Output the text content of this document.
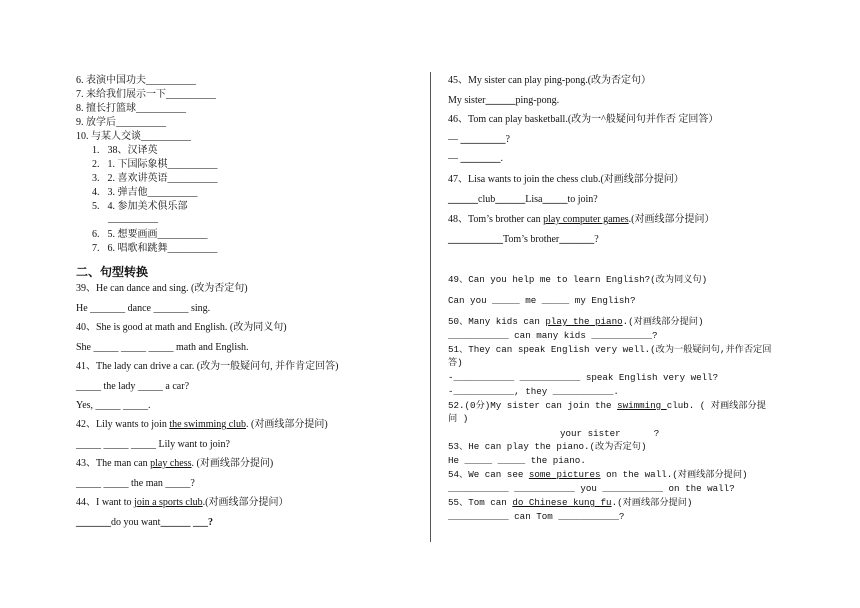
6. 表演中国功夫__________
7. 来给我们展示一下__________
8. 擅长打篮球__________
9. 放学后__________
10. 与某人交谈__________
1. 38、汉译英
2. 1. 下国际象棋__________
3. 2. 喜欢讲英语__________
4. 3. 弹吉他__________
5. 4. 参加美术俱乐部
__________
6. 5. 想要画画__________
7. 6. 唱歌和跳舞__________
二、句型转换
39、He can dance and sing. (改为否定句)
He _______ dance _______ sing.
40、She is good at math and English. (改为同义句)
She _____ _____ _____ math and English.
41、The lady can drive a car. (改为一般疑问句, 并作肯定回答)
_____ the lady _____ a car?
Yes, _____ _____.
42、Lily wants to join the swimming club. (对画线部分提问)
_____ _____ _____ Lily want to join?
43、The man can play chess. (对画线部分提问)
_____ _____ the man _____?
44、I want to join a sports club.(对画线部分提问）
_______do you want______ ___?
45、My sister can play ping-pong.(改为否定句）
My sister______ping-pong.
46、Tom can play basketball.(改为一^般疑问句并作否 定回答）
— _________?
— ________.
47、Lisa wants to join the chess club.(对画线部分提问）
______club______Lisa_____to join?
48、Tom’s brother can play computer games.(对画线部分提问）
___________Tom’s brother_______?
49、Can you help me to learn English?(改为同义句)
Can you _____ me _____ my English?
50、Many kids can play the piano.(对画线部分提问)
___________ can many kids ___________?
51、They can speak English very well.(改为一般疑问句,并作否定回
答)
-___________ ___________ speak English very well?
-___________, they ___________.
52.(0分)My sister can join the swimming club. ( 对画线部分提
问 )
your sister      ?
53、He can play the piano.(改为否定句)
He _____ _____ the piano.
54、We can see some pictures on the wall.(对画线部分提问)
___________ ___________ you ___________ on the wall?
55、Tom can do Chinese kung fu.(对画线部分提问)
___________ can Tom ___________?
